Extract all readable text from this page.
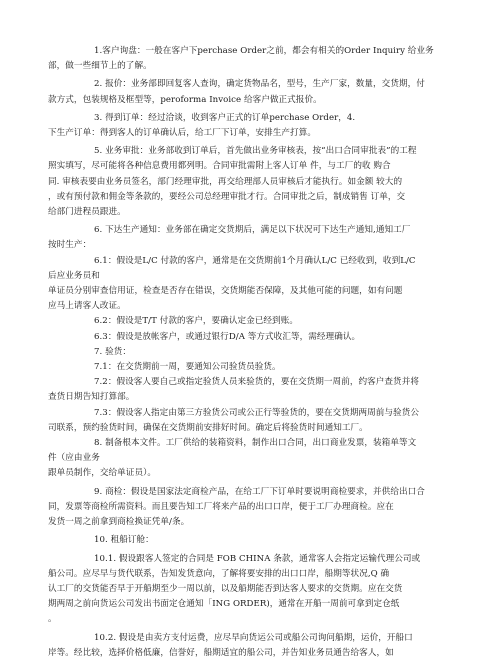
1.客户询盘：一般在客户下perchase Order之前，都会有相关的Order Inquiry 给业务

部，做一些细节上的了解。

2. 报价：业务部即回复客人查询，确定货物品名，型号，生产厂家，数量，交货期，付

款方式，包装规格及框型等，peroforma Invoice 给客户做正式报价。

3. 得到订单：经过洽谈，收到客户正式的订单perchase Order，4.

下生产订单：得到客人的订单确认后，给工厂下订单，安排生产打算。

5. 业务审批：业务部收到订单后，首先做出业务审核表，按“出口合同审批表”的工程

照实填写，尽可能将各种信息费用都列明。合同审批需附上客人订单 件，与工厂的收 购合

同. 审核表要由业务员签名，部门经理审批，再交给理部人员审核后才能执行。如金额 较大的

，或有预付款和佣金等条款的，要经公司总经理审批才行。合同审批之后，制成销售 订单，交

给部门进程员跟进。

6. 下达生产通知：业务部在确定交货期后，满足以下状况可下达生产通知,通知工厂

按时生产：

6.1：假设是L/C 付款的客户，通常是在交货期前1个月确认L/C 已经收到，收到L/C

后应业务员和

单证员分别审查信用证，检查是否存在错误，交货期能否保障，及其他可能的问题，如有问题

应马上请客人改证。

6.2：假设是T/T 付款的客户，要确认定金已经到账。

6.3：假设是放帐客户，或通过银行D/A 等方式收汇等，需经理确认。

7. 验货：

7.1：在交货期前一周，要通知公司验货员验货。

7.2：假设客人要自己或指定验货人员来验货的，要在交货期一周前，约客户查货并将

查货日期告知打算部。

7.3：假设客人指定由第三方验货公司或公正行等验货的，要在交货期两周前与验货公

司联系，预约验货时间，确保在交货期前安排好时间。确定后将验货时间通知工厂。

8. 制备根本文件。工厂供给的装箱资料，制作出口合同，出口商业发票，装箱单等文

件（应由业务

跟单员制作，交给单证员）。

9. 商检：假设是国家法定商检产品，在给工厂下订单时要说明商检要求，并供给出口合

同，发票等商检所需资料。而且要告知工厂将来产品的出口口岸，便于工厂办理商检。应在

发货一周之前拿到商检换证凭单/条。

10. 租船订舱：

10.1. 假设跟客人签定的合同是 FOB CHINA 条款，通常客人会指定运输代理公司或

船公司。应尽早与货代联系，告知发货意向，了解将要安排的出口口岸，船期等状况,Q 确

认工厂的交货能否早于开船期至少一周以前，以及船期能否到达客人要求的交货期。应在交货

期两周之前向货运公司发出书面定仓通知「ING ORDER)，通常在开船一周前可拿到定仓纸

。

10.2. 假设是由卖方支付运费，应尽早向货运公司或船公司询问船期，运价，开船口

岸等。经比较，选择价格低廉，信誉好，船期适宜的船公司，并告知业务员通告给客人，如
